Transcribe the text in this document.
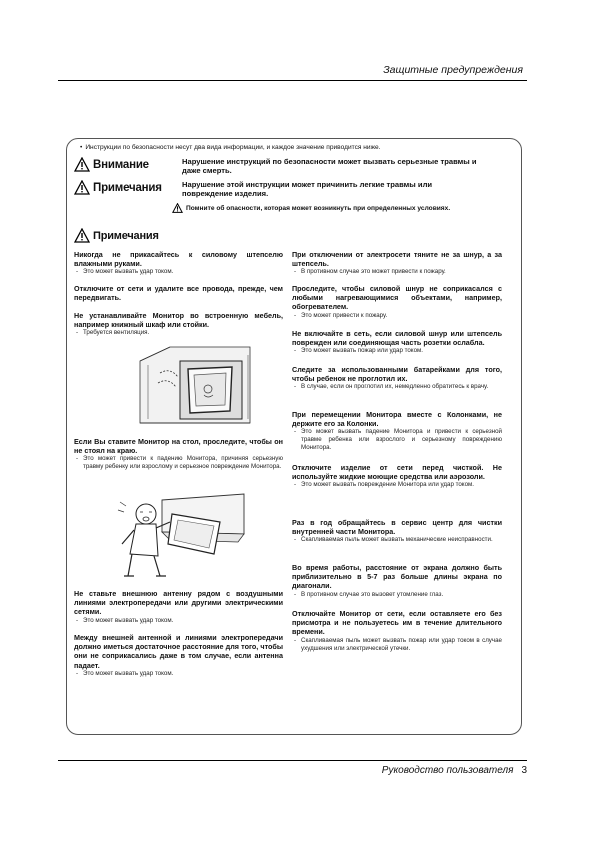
Защитные предупреждения
• Инструкции по безопасности несут два вида информации, и каждое значение приводится ниже.
Внимание	Нарушение инструкций по безопасности может вызвать серьезные травмы и даже смерть.
Примечания	Нарушение этой инструкции может причинить легкие травмы или повреждение изделия.
Помните об опасности, которая может возникнуть при определенных условиях.
Примечания
Никогда не прикасайтесь к силовому штепселю влажными руками.
- Это может вызвать удар током.
Отключите от сети и удалите все провода, прежде, чем передвигать.
Не устанавливайте Монитор во встроенную мебель, например книжный шкаф или стойки.
- Требуется вентиляция.
Если Вы ставите Монитор на стол, проследите, чтобы он не стоял на краю.
- Это может привести к падению Монитора, причиняя серьезную травму ребенку или взрослому и серьезное повреждение Монитора.
Не ставьте внешнюю антенну рядом с воздушными линиями электропередачи или другими электрическими сетями.
- Это может вызвать удар током.
Между внешней антенной и линиями электропередачи должно иметься достаточное расстояние для того, чтобы они не соприкасались даже в том случае, если антенна падает.
- Это может вызвать удар током.
При отключении от электросети тяните не за шнур, а за штепсель.
- В противном случае это может привести к пожару.
Проследите, чтобы силовой шнур не соприкасался с любыми нагревающимися объектами, например, обогревателем.
- Это может привести к пожару.
Не включайте в сеть, если силовой шнур или штепсель поврежден или соединяющая часть розетки ослабла.
- Это может вызвать пожар или удар током.
Следите за использованными батарейками для того, чтобы ребенок не проглотил их.
- В случае, если он проглотил их, немедленно обратитесь к врачу.
При перемещении Монитора вместе с Колонками, не держите его за Колонки.
- Это может вызвать падение Монитора и привести к серьезной травме ребенка или взрослого и серьезному повреждению Монитора.
Отключите изделие от сети перед чисткой. Не используйте жидкие моющие средства или аэрозоли.
- Это может вызвать повреждение Монитора или удар током.
Раз в год обращайтесь в сервис центр для чистки внутренней части Монитора.
- Скапливаемая пыль может вызвать механические неисправности.
Во время работы, расстояние от экрана должно быть приблизительно в 5-7 раз больше длины экрана по диагонали.
- В противном случае это вызовет утомление глаз.
Отключайте Монитор от сети, если оставляете его без присмотра и не пользуетесь им в течение длительного времени.
- Скапливаемая пыль может вызвать пожар или удар током в случае ухудшения или электрической утечки.
Руководство пользователя 3
